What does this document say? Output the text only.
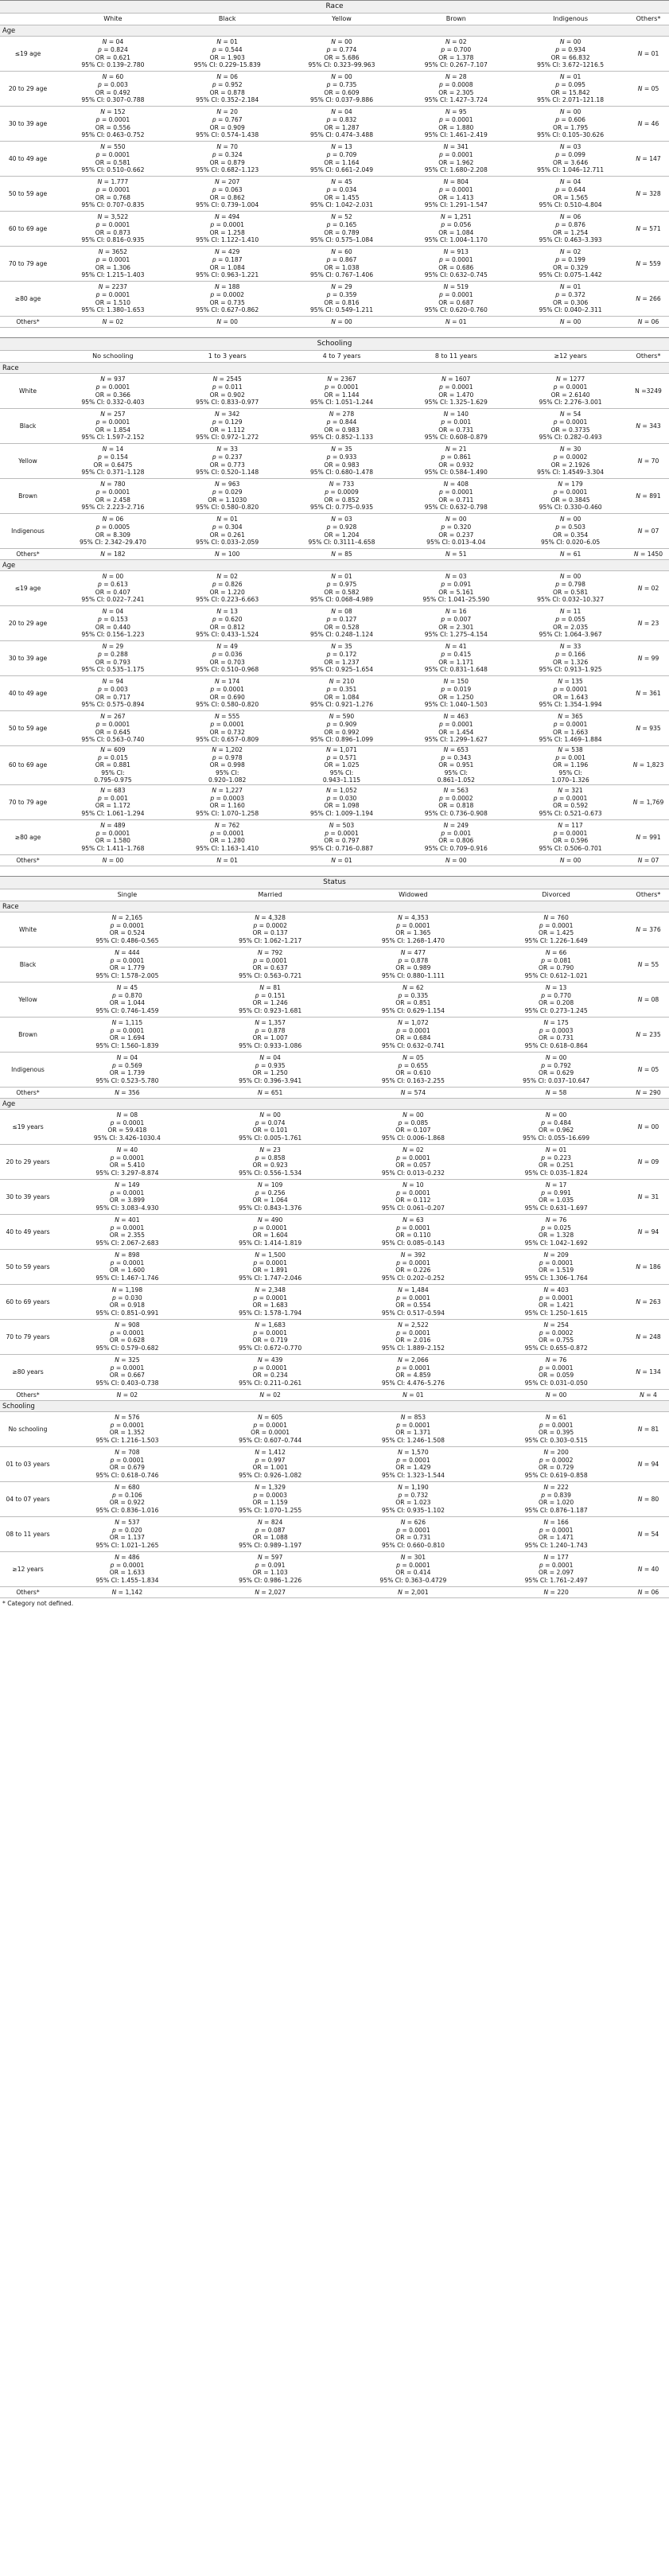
Race						
	White	Black	Yellow	Brown	Indigenous	Others*
Age						
≤19 age	N = 04
p = 0.824
OR = 0.621
95% CI: 0.139–2.780	N = 01
p = 0.544
OR = 1.903
95% CI: 0.229–15.839	N = 00
p = 0.774
OR = 5.686
95% CI: 0.323–99.963	N = 02
p = 0.700
OR = 1.378
95% CI: 0.267–7.107	N = 00
p = 0.934
OR = 66.832
95% CI: 3.672–1216.5	N = 01
20 to 29 age	N = 60
p = 0.003
OR = 0.492
95% CI: 0.307–0.788	N = 06
p = 0.952
OR = 0.878
95% CI: 0.352–2.184	N = 00
p = 0.735
OR = 0.609
95% CI: 0.037–9.886	N = 28
p = 0.0008
OR = 2.305
95% CI: 1.427–3.724	N = 01
p = 0.095
OR = 15.842
95% CI: 2.071–121.18	N = 05
30 to 39 age	N = 152
p = 0.0001
OR = 0.556
95% CI: 0.463–0.752	N = 20
p = 0.767
OR = 0.909
95% CI: 0.574–1.438	N = 04
p = 0.832
OR = 1.287
95% CI: 0.474–3.488	N = 95
p = 0.0001
OR = 1.880
95% CI: 1.461–2.419	N = 00
p = 0.606
OR = 1.795
95% CI: 0.105–30.626	N = 46
40 to 49 age	N = 550
p = 0.0001
OR = 0.581
95% CI: 0.510–0.662	N = 70
p = 0.324
OR = 0.879
95% CI: 0.682–1.123	N = 13
p = 0.709
OR = 1.164
95% CI: 0.661–2.049	N = 341
p = 0.0001
OR = 1.962
95% CI: 1.680–2.208	N = 03
p = 0.099
OR = 3.646
95% CI: 1.046–12.711	N = 147
50 to 59 age	N = 1.777
p = 0.0001
OR = 0.768
95% CI: 0.707–0.835	N = 207
p = 0.063
OR = 0.862
95% CI: 0.739–1.004	N = 45
p = 0.034
OR = 1.455
95% CI: 1.042–2.031	N = 804
p = 0.0001
OR = 1.413
95% CI: 1.291–1.547	N = 04
p = 0.644
OR = 1.565
95% CI: 0.510–4.804	N = 328
60 to 69 age	N = 3,522
p = 0.0001
OR = 0.873
95% CI: 0.816–0.935	N = 494
p = 0.0001
OR = 1.258
95% CI: 1.122–1.410	N = 52
p = 0.165
OR = 0.789
95% CI: 0.575–1.084	N = 1,251
p = 0.056
OR = 1.084
95% CI: 1.004–1.170	N = 06
p = 0.876
OR = 1.254
95% CI: 0.463–3.393	N = 571
70 to 79 age	N = 3652
p = 0.0001
OR = 1.306
95% CI: 1.215–1.403	N = 429
p = 0.187
OR = 1.084
95% CI: 0.963–1.221	N = 60
p = 0.867
OR = 1.038
95% CI: 0.767–1.406	N = 913
p = 0.0001
OR = 0.686
95% CI: 0.632–0.745	N = 02
p = 0.199
OR = 0.329
95% CI: 0.075–1.442	N = 559
≥80 age	N = 2237
p = 0.0001
OR = 1.510
95% CI: 1.380–1.653	N = 188
p = 0.0002
OR = 0.735
95% CI: 0.627–0.862	N = 29
p = 0.359
OR = 0.816
95% CI: 0.549–1.211	N = 519
p = 0.0001
OR = 0.687
95% CI: 0.620–0.760	N = 01
p = 0.372
OR = 0.306
95% CI: 0.040–2.311	N = 266
Others*	N = 02	N = 00	N = 00	N = 01	N = 00	N = 06
Schooling						
	No schooling	1 to 3 years	4 to 7 years	8 to 11 years	≥12 years	Others*
Race						
White	N = 937
p = 0.0001
OR = 0.366
95% CI: 0.332–0.403	N = 2545
p = 0.011
OR = 0.902
95% CI: 0.833–0.977	N = 2367
p = 0.0001
OR = 1.144
95% CI: 1.051–1.244	N = 1607
p = 0.0001
OR = 1.470
95% CI: 1.325–1.629	N = 1277
p = 0.0001
OR = 2.6140
95% CI: 2.276–3.001	N =3249
Black	N = 257
p = 0.0001
OR = 1.854
95% CI: 1.597–2.152	N = 342
p = 0.129
OR = 1.112
95% CI: 0.972–1.272	N = 278
p = 0.844
OR = 0.983
95% CI: 0.852–1.133	N = 140
p = 0.001
OR = 0.731
95% CI: 0.608–0.879	N = 54
p = 0.0001
OR = 0.3735
95% CI: 0.282–0.493	N = 343
Yellow	N = 14
p = 0.154
OR = 0.6475
95% CI: 0.371–1.128	N = 33
p = 0.237
OR = 0.773
95% CI: 0.520–1.148	N = 35
p = 0.933
OR = 0.983
95% CI: 0.680–1.478	N = 21
p = 0.861
OR = 0.932
95% CI: 0.584–1.490	N = 30
p = 0.0002
OR = 2.1926
95% CI: 1.4549–3.304	N = 70
Brown	N = 780
p = 0.0001
OR = 2.458
95% CI: 2.223–2.716	N = 963
p = 0.029
OR = 1.1030
95% CI: 0.580–0.820	N = 733
p = 0.0009
OR = 0.852
95% CI: 0.775–0.935	N = 408
p = 0.0001
OR = 0.711
95% CI: 0.632–0.798	N = 179
p = 0.0001
OR = 0.3845
95% CI: 0.330–0.460	N = 891
Indigenous	N = 06
p = 0.0005
OR = 8.309
95% CI: 2.342–29.470	N = 01
p = 0.304
OR = 0.261
95% CI: 0.033–2.059	N = 03
p = 0.928
OR = 1.204
95% CI: 0.3111–4.658	N = 00
p = 0.320
OR = 0.237
95% CI: 0.013–4.04	N = 00
p = 0.503
OR = 0.354
95% CI: 0.020–6.05	N = 07
Others*	N = 182	N = 100	N = 85	N = 51	N = 61	N = 1450
Age						
≤19 age	N = 00
p = 0.613
OR = 0.407
95% CI: 0.022–7.241	N = 02
p = 0.826
OR = 1.220
95% CI: 0.223–6.663	N = 01
p = 0.975
OR = 0.582
95% CI: 0.068–4.989	N = 03
p = 0.091
OR = 5.161
95% CI: 1.041–25.590	N = 00
p = 0.798
OR = 0.581
95% CI: 0.032–10.327	N = 02
20 to 29 age	N = 04
p = 0.153
OR = 0.440
95% CI: 0.156–1.223	N = 13
p = 0.620
OR = 0.812
95% CI: 0.433–1.524	N = 08
p = 0.127
OR = 0.528
95% CI: 0.248–1.124	N = 16
p = 0.007
OR = 2.301
95% CI: 1.275–4.154	N = 11
p = 0.055
OR = 2.035
95% CI: 1.064–3.967	N = 23
30 to 39 age	N = 29
p = 0.288
OR = 0.793
95% CI: 0.535–1.175	N = 49
p = 0.036
OR = 0.703
95% CI: 0.510–0.968	N = 35
p = 0.172
OR = 1.237
95% CI: 0.925–1.654	N = 41
p = 0.415
OR = 1.171
95% CI: 0.831–1.648	N = 33
p = 0.166
OR = 1.326
95% CI: 0.913–1.925	N = 99
40 to 49 age	N = 94
p = 0.003
OR = 0.717
95% CI: 0.575–0.894	N = 174
p = 0.0001
OR = 0.690
95% CI: 0.580–0.820	N = 210
p = 0.351
OR = 1.084
95% CI: 0.921–1.276	N = 150
p = 0.019
OR = 1.250
95% CI: 1.040–1.503	N = 135
p = 0.0001
OR = 1.643
95% CI: 1.354–1.994	N = 361
50 to 59 age	N = 267
p = 0.0001
OR = 0.645
95% CI: 0.563–0.740	N = 555
p = 0.0001
OR = 0.732
95% CI: 0.657–0.809	N = 590
p = 0.909
OR = 0.992
95% CI: 0.896–1.099	N = 463
p = 0.0001
OR = 1.454
95% CI: 1.299–1.627	N = 365
p = 0.0001
OR = 1.663
95% CI: 1.469–1.884	N = 935
60 to 69 age	N = 609
p = 0.015
OR = 0.881
95% CI:
0.795–0.975	N = 1,202
p = 0.978
OR = 0.998
95% CI:
0.920–1.082	N = 1,071
p = 0.571
OR = 1.025
95% CI:
0.943–1.115	N = 653
p = 0.343
OR = 0.951
95% CI:
0.861–1.052	N = 538
p = 0.001
OR = 1.196
95% CI:
1.070–1.326	N = 1,823
70 to 79 age	N = 683
p = 0.001
OR = 1.172
95% CI: 1.061–1.294	N = 1,227
p = 0.0003
OR = 1.160
95% CI: 1.070–1.258	N = 1,052
p = 0.030
OR = 1.098
95% CI: 1.009–1.194	N = 563
p = 0.0002
OR = 0.818
95% CI: 0.736–0.908	N = 321
p = 0.0001
OR = 0.592
95% CI: 0.521–0.673	N = 1,769
≥80 age	N = 489
p = 0.0001
OR = 1.580
95% CI: 1.411–1.768	N = 762
p = 0.0001
OR = 1.280
95% CI: 1.163–1.410	N = 503
p = 0.0001
OR = 0.797
95% CI: 0.716–0.887	N = 249
p = 0.001
OR = 0.806
95% CI: 0.709–0.916	N = 117
p = 0.0001
OR = 0.596
95% CI: 0.506–0.701	N = 991
Others*	N = 00	N = 01	N = 01	N = 00	N = 00	N = 07
Status					
	Single	Married	Widowed	Divorced	Others*
Race					
White	N = 2,165
p = 0.0001
OR = 0.524
95% CI: 0.486–0.565	N = 4,328
p = 0.0002
OR = 0.137
95% CI: 1.062–1.217	N = 4,353
p = 0.0001
OR = 1.365
95% CI: 1.268–1.470	N = 760
p = 0.0001
OR = 1.425
95% CI: 1.226–1.649	N = 376
Black	N = 444
p = 0.0001
OR = 1.779
95% CI: 1.578–2.005	N = 792
p = 0.0001
OR = 0.637
95% CI: 0.563–0.721	N = 477
p = 0.878
OR = 0.989
95% CI: 0.880–1.111	N = 66
p = 0.081
OR = 0.790
95% CI: 0.612–1.021	N = 55
Yellow	N = 45
p = 0.870
OR = 1.044
95% CI: 0.746–1.459	N = 81
p = 0.151
OR = 1.246
95% CI: 0.923–1.681	N = 62
p = 0.335
OR = 0.851
95% CI: 0.629–1.154	N = 13
p = 0.770
OR = 0.208
95% CI: 0.273–1.245	N = 08
Brown	N = 1,115
p = 0.0001
OR = 1.694
95% CI: 1.560–1.839	N = 1,357
p = 0.878
OR = 1.007
95% CI: 0.933–1.086	N = 1,072
p = 0.0001
OR = 0.684
95% CI: 0.632–0.741	N = 175
p = 0.0003
OR = 0.731
95% CI: 0.618–0.864	N = 235
Indigenous	N = 04
p = 0.569
OR = 1.739
95% CI: 0.523–5.780	N = 04
p = 0.935
OR = 1.250
95% CI: 0.396–3.941	N = 05
p = 0.655
OR = 0.610
95% CI: 0.163–2.255	N = 00
p = 0.792
OR = 0.629
95% CI: 0.037–10.647	N = 05
Others*	N = 356	N = 651	N = 574	N = 58	N = 290
Age					
≤19 years	N = 08
p = 0.0001
OR = 59.418
95% CI: 3.426–1030.4	N = 00
p = 0.074
OR = 0.101
95% CI: 0.005–1.761	N = 00
p = 0.085
OR = 0.107
95% CI: 0.006–1.868	N = 00
p = 0.484
OR = 0.962
95% CI: 0.055–16.699	N = 00
20 to 29 years	N = 40
p = 0.0001
OR = 5.410
95% CI: 3.297–8.874	N = 23
p = 0.858
OR = 0.923
95% CI: 0.556–1.534	N = 02
p = 0.0001
OR = 0.057
95% CI: 0.013–0.232	N = 01
p = 0.223
OR = 0.251
95% CI: 0.035–1.824	N = 09
30 to 39 years	N = 149
p = 0.0001
OR = 3.899
95% CI: 3.083–4.930	N = 109
p = 0.256
OR = 1.064
95% CI: 0.843–1.376	N = 10
p = 0.0001
OR = 0.112
95% CI: 0.061–0.207	N = 17
p = 0.991
OR = 1.035
95% CI: 0.631–1.697	N = 31
40 to 49 years	N = 401
p = 0.0001
OR = 2.355
95% CI: 2.067–2.683	N = 490
p = 0.0001
OR = 1.604
95% CI: 1.414–1.819	N = 63
p = 0.0001
OR = 0.110
95% CI: 0.085–0.143	N = 76
p = 0.025
OR = 1.328
95% CI: 1.042–1.692	N = 94
50 to 59 years	N = 898
p = 0.0001
OR = 1.600
95% CI: 1.467–1.746	N = 1,500
p = 0.0001
OR = 1.891
95% CI: 1.747–2.046	N = 392
p = 0.0001
OR = 0.226
95% CI: 0.202–0.252	N = 209
p = 0.0001
OR = 1.519
95% CI: 1.306–1.764	N = 186
60 to 69 years	N = 1,198
p = 0.030
OR = 0.918
95% CI: 0.851–0.991	N = 2,348
p = 0.0001
OR = 1.683
95% CI: 1.578–1.794	N = 1,484
p = 0.0001
OR = 0.554
95% CI: 0.517–0.594	N = 403
p = 0.0001
OR = 1.421
95% CI: 1.250–1.615	N = 263
70 to 79 years	N = 908
p = 0.0001
OR = 0.628
95% CI: 0.579–0.682	N = 1,683
p = 0.0001
OR = 0.719
95% CI: 0.672–0.770	N = 2,522
p = 0.0001
OR = 2.016
95% CI: 1.889–2.152	N = 254
p = 0.0002
OR = 0.755
95% CI: 0.655–0.872	N = 248
≥80 years	N = 325
p = 0.0001
OR = 0.667
95% CI: 0.403–0.738	N = 439
p = 0.0001
OR = 0.234
95% CI: 0.211–0.261	N = 2,066
p = 0.0001
OR = 4.859
95% CI: 4.476–5.276	N = 76
p = 0.0001
OR = 0.059
95% CI: 0.031–0.050	N = 134
Others*	N = 02	N = 02	N = 01	N = 00	N = 4
Schooling					
No schooling	N = 576
p = 0.0001
OR = 1.352
95% CI: 1.216–1.503	N = 605
p = 0.0001
OR = 0.0001
95% CI: 0.607–0.744	N = 853
p = 0.0001
OR = 1.371
95% CI: 1.246–1.508	N = 61
p = 0.0001
OR = 0.395
95% CI: 0.303–0.515	N = 81
01 to 03 years	N = 708
p = 0.0001
OR = 0.679
95% CI: 0.618–0.746	N = 1,412
p = 0.997
OR = 1.001
95% CI: 0.926–1.082	N = 1,570
p = 0.0001
OR = 1.429
95% CI: 1.323–1.544	N = 200
p = 0.0002
OR = 0.729
95% CI: 0.619–0.858	N = 94
04 to 07 years	N = 680
p = 0.106
OR = 0.922
95% CI: 0.836–1.016	N = 1,329
p = 0.0003
OR = 1.159
95% CI: 1.070–1.255	N = 1,190
p = 0.732
OR = 1.023
95% CI: 0.935–1.102	N = 222
p = 0.839
OR = 1.020
95% CI: 0.876–1.187	N = 80
08 to 11 years	N = 537
p = 0.020
OR = 1.137
95% CI: 1.021–1.265	N = 824
p = 0.087
OR = 1.088
95% CI: 0.989–1.197	N = 626
p = 0.0001
OR = 0.731
95% CI: 0.660–0.810	N = 166
p = 0.0001
OR = 1.471
95% CI: 1.240–1.743	N = 54
≥12 years	N = 486
p = 0.0001
OR = 1.633
95% CI: 1.455–1.834	N = 597
p = 0.091
OR = 1.103
95% CI: 0.986–1.226	N = 301
p = 0.0001
OR = 0.414
95% CI: 0.363–0.4729	N = 177
p = 0.0001
OR = 2.097
95% CI: 1.761–2.497	N = 40
Others*	N = 1,142	N = 2,027	N = 2,001	N = 220	N = 06
* Category not defined.
